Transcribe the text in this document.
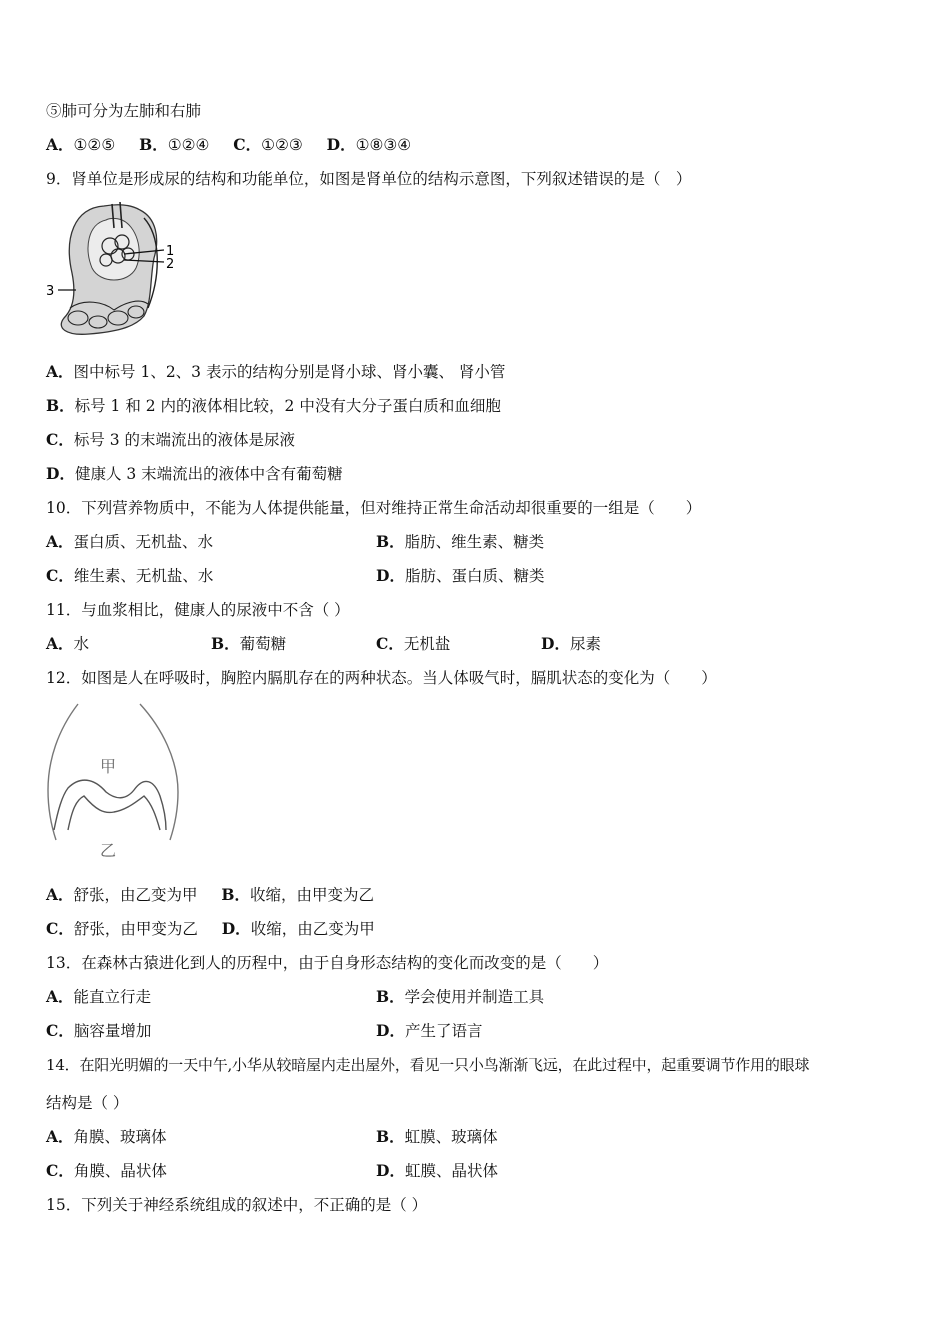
⑤肺可分为左肺和右肺
A．①②⑤ B．①②④ C．①②③ D．①⑧③④
9．肾单位是形成尿的结构和功能单位，如图是肾单位的结构示意图，下列叙述错误的是（　）
1
2
3
A．图中标号 1、2、3 表示的结构分别是肾小球、肾小囊、 肾小管
B．标号 1 和 2 内的液体相比较，2 中没有大分子蛋白质和血细胞
C．标号 3 的末端流出的液体是尿液
D．健康人 3 末端流出的液体中含有葡萄糖
10．下列营养物质中，不能为人体提供能量，但对维持正常生命活动却很重要的一组是（　　）
A．蛋白质、无机盐、水	B．脂肪、维生素、糖类
C．维生素、无机盐、水	D．脂肪、蛋白质、糖类
11．与血浆相比，健康人的尿液中不含（ ）
A．水	B．葡萄糖	C．无机盐	D．尿素
12．如图是人在呼吸时，胸腔内膈肌存在的两种状态。当人体吸气时，膈肌状态的变化为（　　）
甲
乙
A．舒张，由乙变为甲 B．收缩，由甲变为乙
C．舒张，由甲变为乙 D．收缩，由乙变为甲
13．在森林古猿进化到人的历程中，由于自身形态结构的变化而改变的是（　　）
A．能直立行走	B．学会使用并制造工具
C．脑容量增加	D．产生了语言
14．在阳光明媚的一天中午,小华从较暗屋内走出屋外，看见一只小鸟渐渐飞远，在此过程中，起重要调节作用的眼球
结构是（ ）
A．角膜、玻璃体	B．虹膜、玻璃体
C．角膜、晶状体	D．虹膜、晶状体
15．下列关于神经系统组成的叙述中，不正确的是（ ）
